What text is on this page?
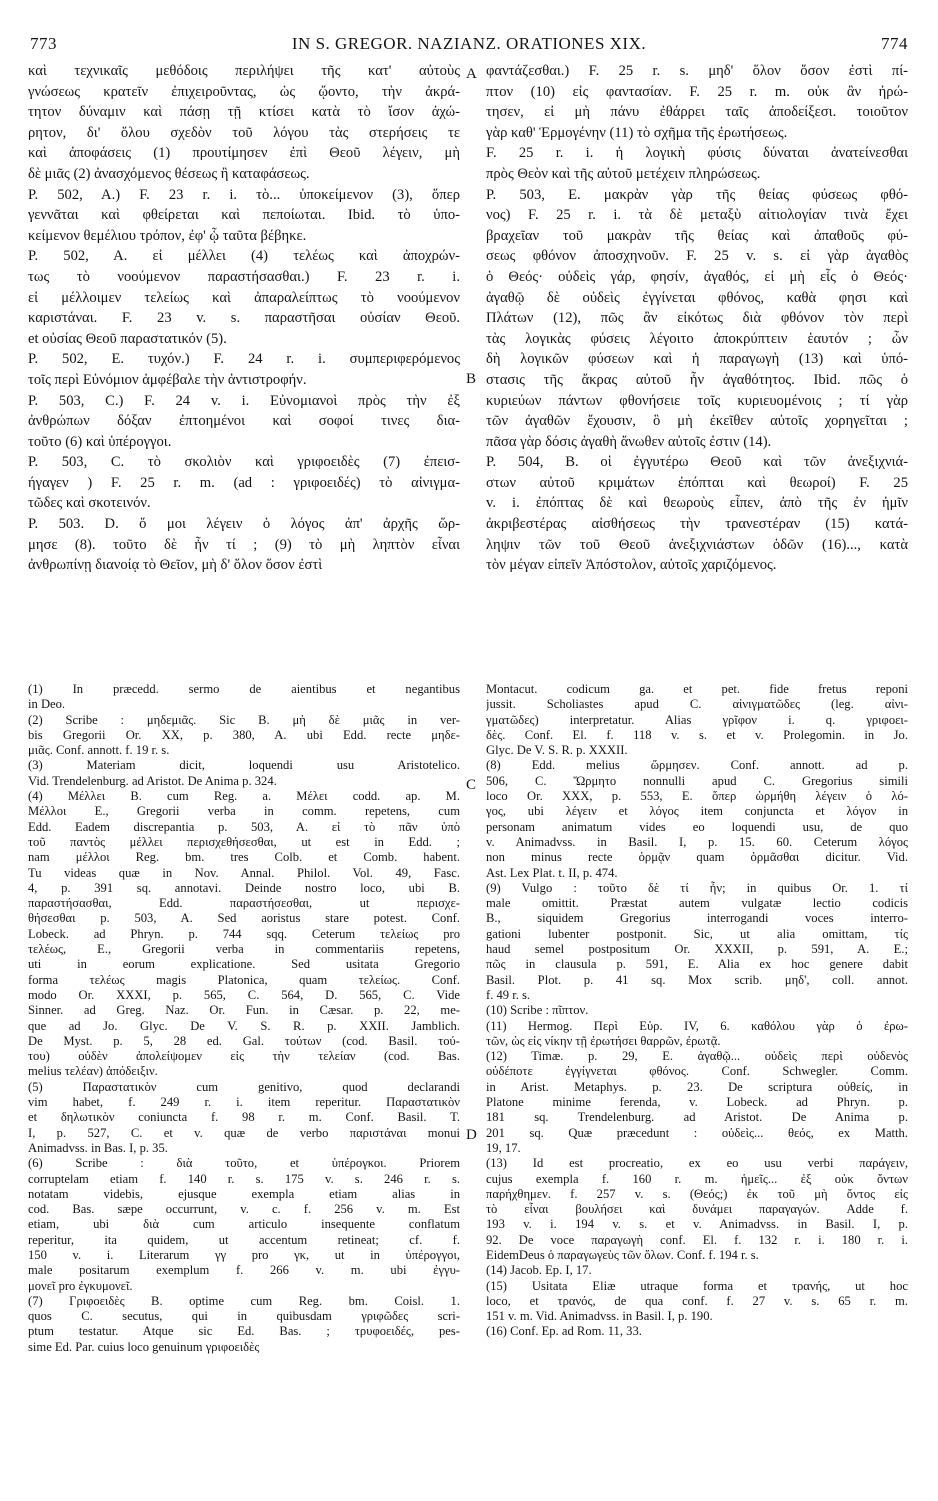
773	IN S. GREGOR. NAZIANZ. ORATIONES XIX.	774
καὶ τεχνικαῖς μεθόδοις περιλήψει τῆς κατ' αὐτοὺς
γνώσεως κρατεῖν ἐπιχειροῦντας, ὡς ᾤοντο, τὴν ἀκρά-
τητον δύναμιν καὶ πάσῃ τῇ κτίσει κατὰ τὸ ἴσον ἀχώ-
ρητον, δι' ὅλου σχεδὸν τοῦ λόγου τὰς στερήσεις τε
καὶ ἀποφάσεις (1) προυτίμησεν ἐπὶ Θεοῦ λέγειν, μὴ
δὲ μιᾶς (2) ἀνασχόμενος θέσεως ἢ καταφάσεως.
P. 502, A.) F. 23 r. i. τὸ... ὑποκείμενον (3), ὅπερ
γεννᾶται καὶ φθείρεται καὶ πεποίωται. Ibid. τὸ ὑπο-
κείμενον θεμέλιου τρόπον, ἐφ' ᾧ ταῦτα βέβηκε.
P. 502, A. εἰ μέλλει (4) τελέως καὶ ἀποχρών-
τως τὸ νοούμενον παραστήσασθαι.) F. 23 r. i.
εἰ μέλλοιμεν τελείως καὶ ἀπαραλείπτως τὸ νοούμενον
καριστάναι. F. 23 v. s. παραστῆσαι οὐσίαν Θεοῦ.
et οὐσίας Θεοῦ παραστατικόν (5).
P. 502, E. τυχόν.) F. 24 r. i. συμπεριφερόμενος
τοῖς περὶ Εὐνόμιον ἀμφέβαλε τὴν ἀντιστροφήν.
P. 503, C.) F. 24 v. i. Εὐνομιανοὶ πρὸς τὴν ἐξ
ἀνθρώπων δόξαν ἐπτοημένοι καὶ σοφοί τινες δια-
τοῦτο (6) καὶ ὑπέρογγοι.
P. 503, C. τὸ σκολιὸν καὶ γριφοειδὲς (7) ἐπεισ-
ήγαγεν ) F. 25 r. m. (ad : γριφοειδές) τὸ αἰνιγμα-
τῶδες καὶ σκοτεινόν.
P. 503. D. ὅ μοι λέγειν ὁ λόγος ἀπ' ἀρχῆς ὥρ-
μησε (8). τοῦτο δὲ ἦν τί ; (9) τὸ μὴ ληπτὸν εἶναι
ἀνθρωπίνῃ διανοίᾳ τὸ Θεῖον, μὴ δ' ὅλον ὅσον ἐστὶ
φαντάζεσθαι.) F. 25 r. s. μηδ' ὅλον ὅσον ἐστὶ πί-
πτον (10) εἰς φαντασίαν. F. 25 r. m. οὐκ ἂν ἠρώ-
τησεν, εἰ μὴ πάνυ ἐθάρρει ταῖς ἀποδείξεσι. τοιοῦτον
γὰρ καθ' Ἑρμογένην (11) τὸ σχῆμα τῆς ἐρωτήσεως.
F. 25 r. i. ἡ λογικὴ φύσις δύναται ἀνατείνεσθαι
πρὸς Θεὸν καὶ τῆς αὐτοῦ μετέχειν πληρώσεως.
P. 503, E. μακρὰν γὰρ τῆς θείας φύσεως φθό-
νος) F. 25 r. i. τὰ δὲ μεταξὺ αἰτιολογίαν τινὰ ἔχει
βραχεῖαν τοῦ μακρὰν τῆς θείας καὶ ἀπαθοῦς φύ-
σεως φθόνον ἀποσχηνοῦν. F. 25 v. s. εἰ γὰρ ἀγαθὸς
ὁ Θεός· οὐδεὶς γάρ, φησίν, ἀγαθός, εἰ μὴ εἷς ὁ Θεός·
ἀγαθῷ δὲ οὐδεὶς ἐγγίνεται φθόνος, καθὰ φησι καὶ
Πλάτων (12), πῶς ἂν εἰκότως διὰ φθόνον τὸν περὶ
τὰς λογικὰς φύσεις λέγοιτο ἀποκρύπτειν ἑαυτόν ; ὧν
δὴ λογικῶν φύσεων καὶ ἡ παραγωγὴ (13) καὶ ὑπό-
στασις τῆς ἄκρας αὐτοῦ ἦν ἀγαθότητος. Ibid. πῶς ὁ
κυριεύων πάντων φθονήσειε τοῖς κυριευομένοις ; τί γὰρ
τῶν ἀγαθῶν ἔχουσιν, ὃ μὴ ἐκεῖθεν αὐτοῖς χορηγεῖται ;
πᾶσα γὰρ δόσις ἀγαθὴ ἄνωθεν αὐτοῖς ἐστιν (14).
P. 504, B. οἱ ἐγγυτέρω Θεοῦ καὶ τῶν ἀνεξιχνιά-
στων αὐτοῦ κριμάτων ἐπόπται καὶ θεωροί) F. 25
v. i. ἐπόπτας δὲ καὶ θεωροὺς εἶπεν, ἀπὸ τῆς ἐν ἡμῖν
ἀκριβεστέρας αἰσθήσεως τὴν τρανεστέραν (15) κατά-
ληψιν τῶν τοῦ Θεοῦ ἀνεξιχνιάστων ὁδῶν (16)..., κατὰ
τὸν μέγαν εἰπεῖν Ἀπόστολον, αὐτοῖς χαριζόμενος.
(1) In præcedd. sermo de aientibus et negantibus
in Deo.
(2) Scribe : μηδεμιᾶς. Sic B. μὴ δὲ μιᾶς in ver-
bis Gregorii Or. XX, p. 380, A. ubi Edd. recte μηδε-
μιᾶς. Conf. annott. f. 19 r. s.
(3) Materiam dicit, loquendi usu Aristotelico.
Vid. Trendelenburg. ad Aristot. De Anima p. 324.
(4) Μέλλει B. cum Reg. a. Μέλει codd. ap. M.
Μέλλοι E., Gregorii verba in comm. repetens, cum
Edd. Eadem discrepantia p. 503, A. εἰ τὸ πᾶν ὑπὸ
τοῦ παντὸς μέλλει περισχεθήσεσθαι, ut est in Edd. ;
nam μέλλοι Reg. bm. tres Colb. et Comb. habent.
Tu videas quæ in Nov. Annal. Philol. Vol. 49, Fasc.
4, p. 391 sq. annotavi. Deinde nostro loco, ubi B.
παραστήσασθαι, Edd. παραστήσεσθαι, ut περισχε-
θήσεσθαι p. 503, A. Sed aoristus stare potest. Conf.
Lobeck. ad Phryn. p. 744 sqq. Ceterum τελείως pro
τελέως, E., Gregorii verba in commentariis repetens,
uti in eorum explicatione. Sed usitata Gregorio
forma τελέως magis Platonica, quam τελείως. Conf.
modo Or. XXXI, p. 565, C. 564, D. 565, C. Vide
Sinner. ad Greg. Naz. Or. Fun. in Cæsar. p. 22, me-
que ad Jo. Glyc. De V. S. R. p. XXII. Jamblich.
De Myst. p. 5, 28 ed. Gal. τούτων (cod. Basil. τού-
του) οὐδὲν ἀπολείψομεν εἰς τὴν τελείαν (cod. Bas.
melius τελέαν) ἀπόδειξιν.
(5) Παραστατικὸν cum genitivo, quod declarandi
vim habet, f. 249 r. i. item reperitur. Παραστατικὸν
et δηλωτικὸν coniuncta f. 98 r. m. Conf. Basil. T.
I, p. 527, C. et v. quæ de verbo παριστάναι monui
Animadvss. in Bas. I, p. 35.
(6) Scribe : διὰ τοῦτο, et ὑπέρογκοι. Priorem
corruptelam etiam f. 140 r. s. 175 v. s. 246 r. s.
notatam videbis, ejusque exempla etiam alias in
cod. Bas. sæpe occurrunt, v. c. f. 256 v. m. Est
etiam, ubi διὰ cum articulo insequente conflatum
reperitur, ita quidem, ut accentum retineat; cf. f.
150 v. i. Literarum γγ pro γκ, ut in ὑπέρογγοι,
male positarum exemplum f. 266 v. m. ubi ἐγγυ-
μονεῖ pro ἐγκυμονεῖ.
(7) Γριφοειδὲς B. optime cum Reg. bm. Coisl. 1.
quos C. secutus, qui in quibusdam γριφῶδες scri-
ptum testatur. Atque sic Ed. Bas. ; τρυφοειδές, pes-
sime Ed. Par. cuius loco genuinum γριφοειδὲς
Montacut. codicum ga. et pet. fide fretus reponi
jussit. Scholiastes apud C. αἰνιγματῶδες (leg. αἰνι-
γματῶδες) interpretatur. Alias γρῖφον i. q. γριφοει-
δὲς. Conf. El. f. 118 v. s. et v. Prolegomin. in Jo.
Glyc. De V. S. R. p. XXXII.
(8) Edd. melius ὥρμησεν. Conf. annott. ad p.
506, C. Ὥρμητο nonnulli apud C. Gregorius simili
loco Or. XXX, p. 553, E. ὅπερ ὡρμήθη λέγειν ὁ λό-
γος, ubi λέγειν et λόγος item conjuncta et λόγον in
personam animatum vides eo loquendi usu, de quo
v. Animadvss. in Basil. I, p. 15. 60. Ceterum λόγος
non minus recte ὁρμᾷν quam ὁρμᾶσθαι dicitur. Vid.
Ast. Lex Plat. t. II, p. 474.
(9) Vulgo : τοῦτο δὲ τί ἦν; in quibus Or. 1. τί
male omittit. Præstat autem vulgatæ lectio codicis
B., siquidem Gregorius interrogandi voces interro-
gationi lubenter postponit. Sic, ut alia omittam, τίς
haud semel postpositum Or. XXXII, p. 591, A. E.;
πῶς in clausula p. 591, E. Alia ex hoc genere dabit
Basil. Plot. p. 41 sq. Mox scrib. μηδ', coll. annot.
f. 49 r. s.
(10) Scribe : πῖπτον.
(11) Hermog. Περὶ Εὑρ. IV, 6. καθόλου γὰρ ὁ ἐρω-
τῶν, ὡς εἰς νίκην τῇ ἐρωτήσει θαρρῶν, ἐρωτᾷ.
(12) Timæ. p. 29, E. ἀγαθῷ... οὐδεὶς περὶ οὐδενὸς
οὐδέποτε ἐγγίγνεται φθόνος. Conf. Schwegler. Comm.
in Arist. Metaphys. p. 23. De scriptura οὐθείς, in
Platone minime ferenda, v. Lobeck. ad Phryn. p.
181 sq. Trendelenburg. ad Aristot. De Anima p.
201 sq. Quæ præcedunt : οὐδεὶς... θεός, ex Matth.
19, 17.
(13) Id est procreatio, ex eo usu verbi παράγειν,
cujus exempla f. 160 r. m. ἡμεῖς... ἐξ οὐκ ὄντων
παρήχθημεν. f. 257 v. s. (Θεός;) ἐκ τοῦ μὴ ὄντος εἰς
τὸ εἶναι βουλήσει καὶ δυνάμει παραγαγών. Adde f.
193 v. i. 194 v. s. et v. Animadvss. in Basil. I, p.
92. De voce παραγωγὴ conf. El. f. 132 r. i. 180 r. i.
EidemDeus ὁ παραγωγεὺς τῶν ὅλων. Conf. f. 194 r. s.
(14) Jacob. Ep. I, 17.
(15) Usitata Eliæ utraque forma et τρανής, ut hoc
loco, et τρανός, de qua conf. f. 27 v. s. 65 r. m.
151 v. m. Vid. Animadvss. in Basil. I, p. 190.
(16) Conf. Ep. ad Rom. 11, 33.
A
B
C
D
